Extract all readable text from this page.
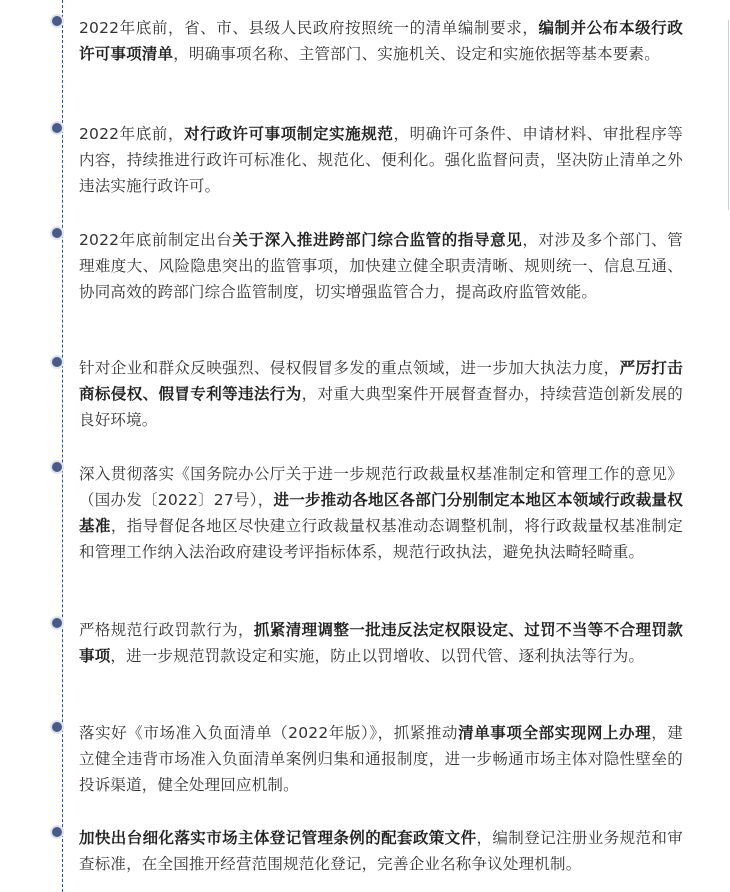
2022年底前，省、市、县级人民政府按照统一的清单编制要求，编制并公布本级行政许可事项清单，明确事项名称、主管部门、实施机关、设定和实施依据等基本要素。
2022年底前，对行政许可事项制定实施规范，明确许可条件、申请材料、审批程序等内容，持续推进行政许可标准化、规范化、便利化。强化监督问责，坚决防止清单之外违法实施行政许可。
2022年底前制定出台关于深入推进跨部门综合监管的指导意见，对涉及多个部门、管理难度大、风险隐患突出的监管事项，加快建立健全职责清晰、规则统一、信息互通、协同高效的跨部门综合监管制度，切实增强监管合力，提高政府监管效能。
针对企业和群众反映强烈、侵权假冒多发的重点领域，进一步加大执法力度，严厉打击商标侵权、假冒专利等违法行为，对重大典型案件开展督查督办，持续营造创新发展的良好环境。
深入贯彻落实《国务院办公厅关于进一步规范行政裁量权基准制定和管理工作的意见》（国办发〔2022〕27号），进一步推动各地区各部门分别制定本地区本领域行政裁量权基准，指导督促各地区尽快建立行政裁量权基准动态调整机制，将行政裁量权基准制定和管理工作纳入法治政府建设考评指标体系，规范行政执法，避免执法畸轻畸重。
严格规范行政罚款行为，抓紧清理调整一批违反法定权限设定、过罚不当等不合理罚款事项，进一步规范罚款设定和实施，防止以罚增收、以罚代管、逐利执法等行为。
落实好《市场准入负面清单（2022年版）》，抓紧推动清单事项全部实现网上办理，建立健全违背市场准入负面清单案例归集和通报制度，进一步畅通市场主体对隐性壁垒的投诉渠道，健全处理回应机制。
加快出台细化落实市场主体登记管理条例的配套政策文件，编制登记注册业务规范和审查标准，在全国推开经营范围规范化登记，完善企业名称争议处理机制。
